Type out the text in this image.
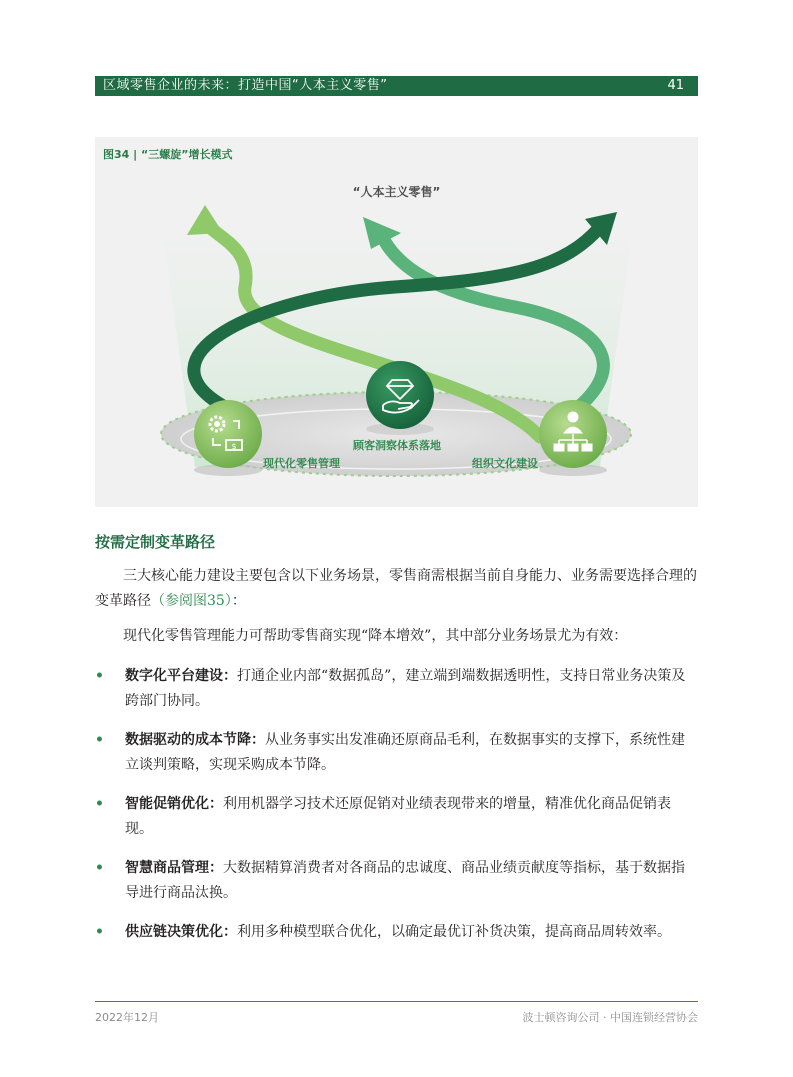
区域零售企业的未来：打造中国“人本主义零售”	41
$
图34 | “三螺旋”增长模式
“人本主义零售”
现代化零售管理
顾客洞察体系落地
组织文化建设
按需定制变革路径

三大核心能力建设主要包含以下业务场景，零售商需根据当前自身能力、业务需要选择合理的变革路径（参阅图35）：

现代化零售管理能力可帮助零售商实现“降本增效”，其中部分业务场景尤为有效：

• 数字化平台建设：打通企业内部“数据孤岛”，建立端到端数据透明性，支持日常业务决策及跨部门协同。
• 数据驱动的成本节降：从业务事实出发准确还原商品毛利，在数据事实的支撑下，系统性建立谈判策略，实现采购成本节降。
• 智能促销优化：利用机器学习技术还原促销对业绩表现带来的增量，精准优化商品促销表现。
• 智慧商品管理：大数据精算消费者对各商品的忠诚度、商品业绩贡献度等指标，基于数据指导进行商品汰换。
• 供应链决策优化：利用多种模型联合优化，以确定最优订补货决策，提高商品周转效率。
2022年12月	波士顿咨询公司 · 中国连锁经营协会
